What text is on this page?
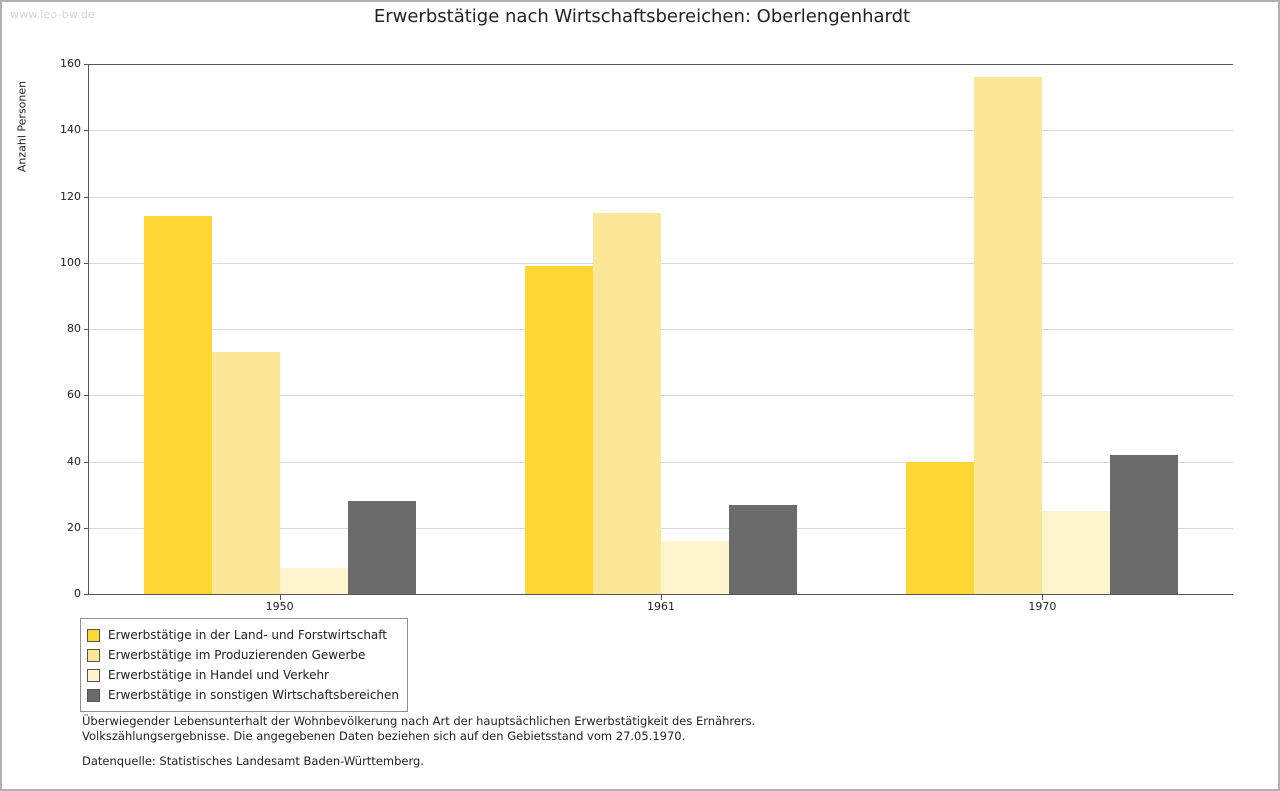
www.leo-bw.de	Erwerbstätige nach Wirtschaftsbereichen: Oberlengenhardt
Anzahl Personen
0
20
40
60
80
100
120
140
160
1950	1961	1970
Erwerbstätige in der Land- und Forstwirtschaft
Erwerbstätige im Produzierenden Gewerbe
Erwerbstätige in Handel und Verkehr
Erwerbstätige in sonstigen Wirtschaftsbereichen
Überwiegender Lebensunterhalt der Wohnbevölkerung nach Art der hauptsächlichen Erwerbstätigkeit des Ernährers.
Volkszählungsergebnisse. Die angegebenen Daten beziehen sich auf den Gebietsstand vom 27.05.1970.
Datenquelle: Statistisches Landesamt Baden-Württemberg.
